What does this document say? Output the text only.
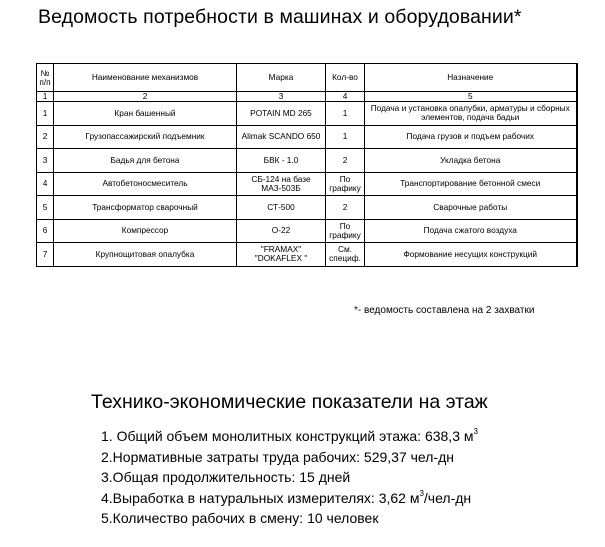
Ведомость потребности в машинах и оборудовании*
№ п/п	Наименование механизмов	Марка	Кол-во	Назначение
1	2	3	4	5
1	Кран башенный	POTAIN MD 265	1	Подача и установка опалубки, арматуры и сборных элементов, подача бадьи
2	Грузопассажирский подъемник	Alimak SCANDO 650	1	Подача грузов и подъем рабочих
3	Бадья для бетона	БВК - 1.0	2	Укладка бетона
4	Автобетоносмеситель	СБ-124 на базе МАЗ-503Б	По графику	Транспортирование бетонной смеси
5	Трансформатор сварочный	СТ-500	2	Сварочные работы
6	Компрессор	О-22	По графику	Подача сжатого воздуха
7	Крупнощитовая опалубка	"FRAMAX" "DOKAFLEX "	См. специф.	Формование несущих конструкций
*- ведомость составлена на 2 захватки
Технико-экономические показатели на этаж
1. Общий объем монолитных конструкций этажа: 638,3 $м^3$
2.Нормативные затраты труда рабочих: 529,37 чел-дн
3.Общая продолжительность: 15 дней
4.Выработка в натуральных измерителях: 3,62 $м^3/чел-дн$
5.Количество рабочих в смену: 10 человек
